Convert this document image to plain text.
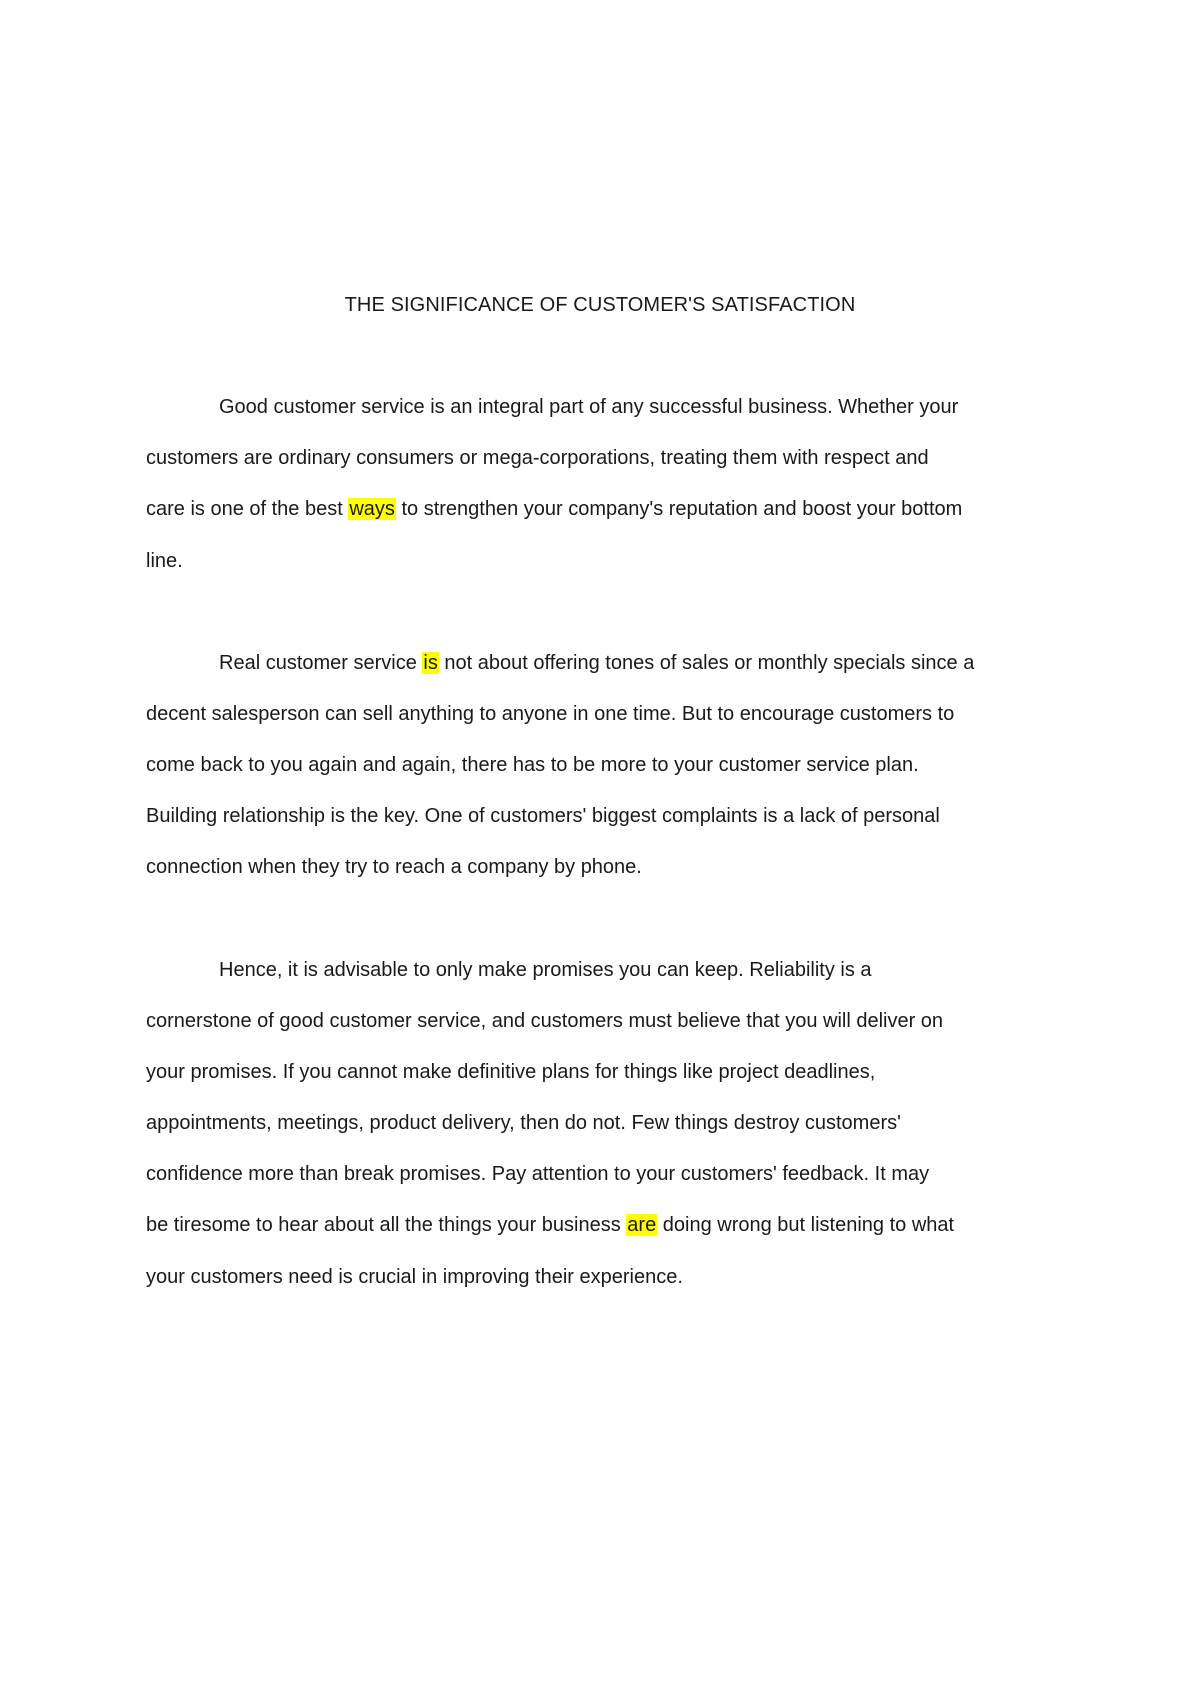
THE SIGNIFICANCE OF CUSTOMER'S SATISFACTION
Good customer service is an integral part of any successful business. Whether your
customers are ordinary consumers or mega-corporations, treating them with respect and
care is one of the best ways to strengthen your company's reputation and boost your bottom
line.
Real customer service is not about offering tones of sales or monthly specials since a
decent salesperson can sell anything to anyone in one time. But to encourage customers to
come back to you again and again, there has to be more to your customer service plan.
Building relationship is the key. One of customers' biggest complaints is a lack of personal
connection when they try to reach a company by phone.
Hence, it is advisable to only make promises you can keep. Reliability is a
cornerstone of good customer service, and customers must believe that you will deliver on
your promises. If you cannot make definitive plans for things like project deadlines,
appointments, meetings, product delivery, then do not. Few things destroy customers'
confidence more than break promises. Pay attention to your customers' feedback. It may
be tiresome to hear about all the things your business are doing wrong but listening to what
your customers need is crucial in improving their experience.
